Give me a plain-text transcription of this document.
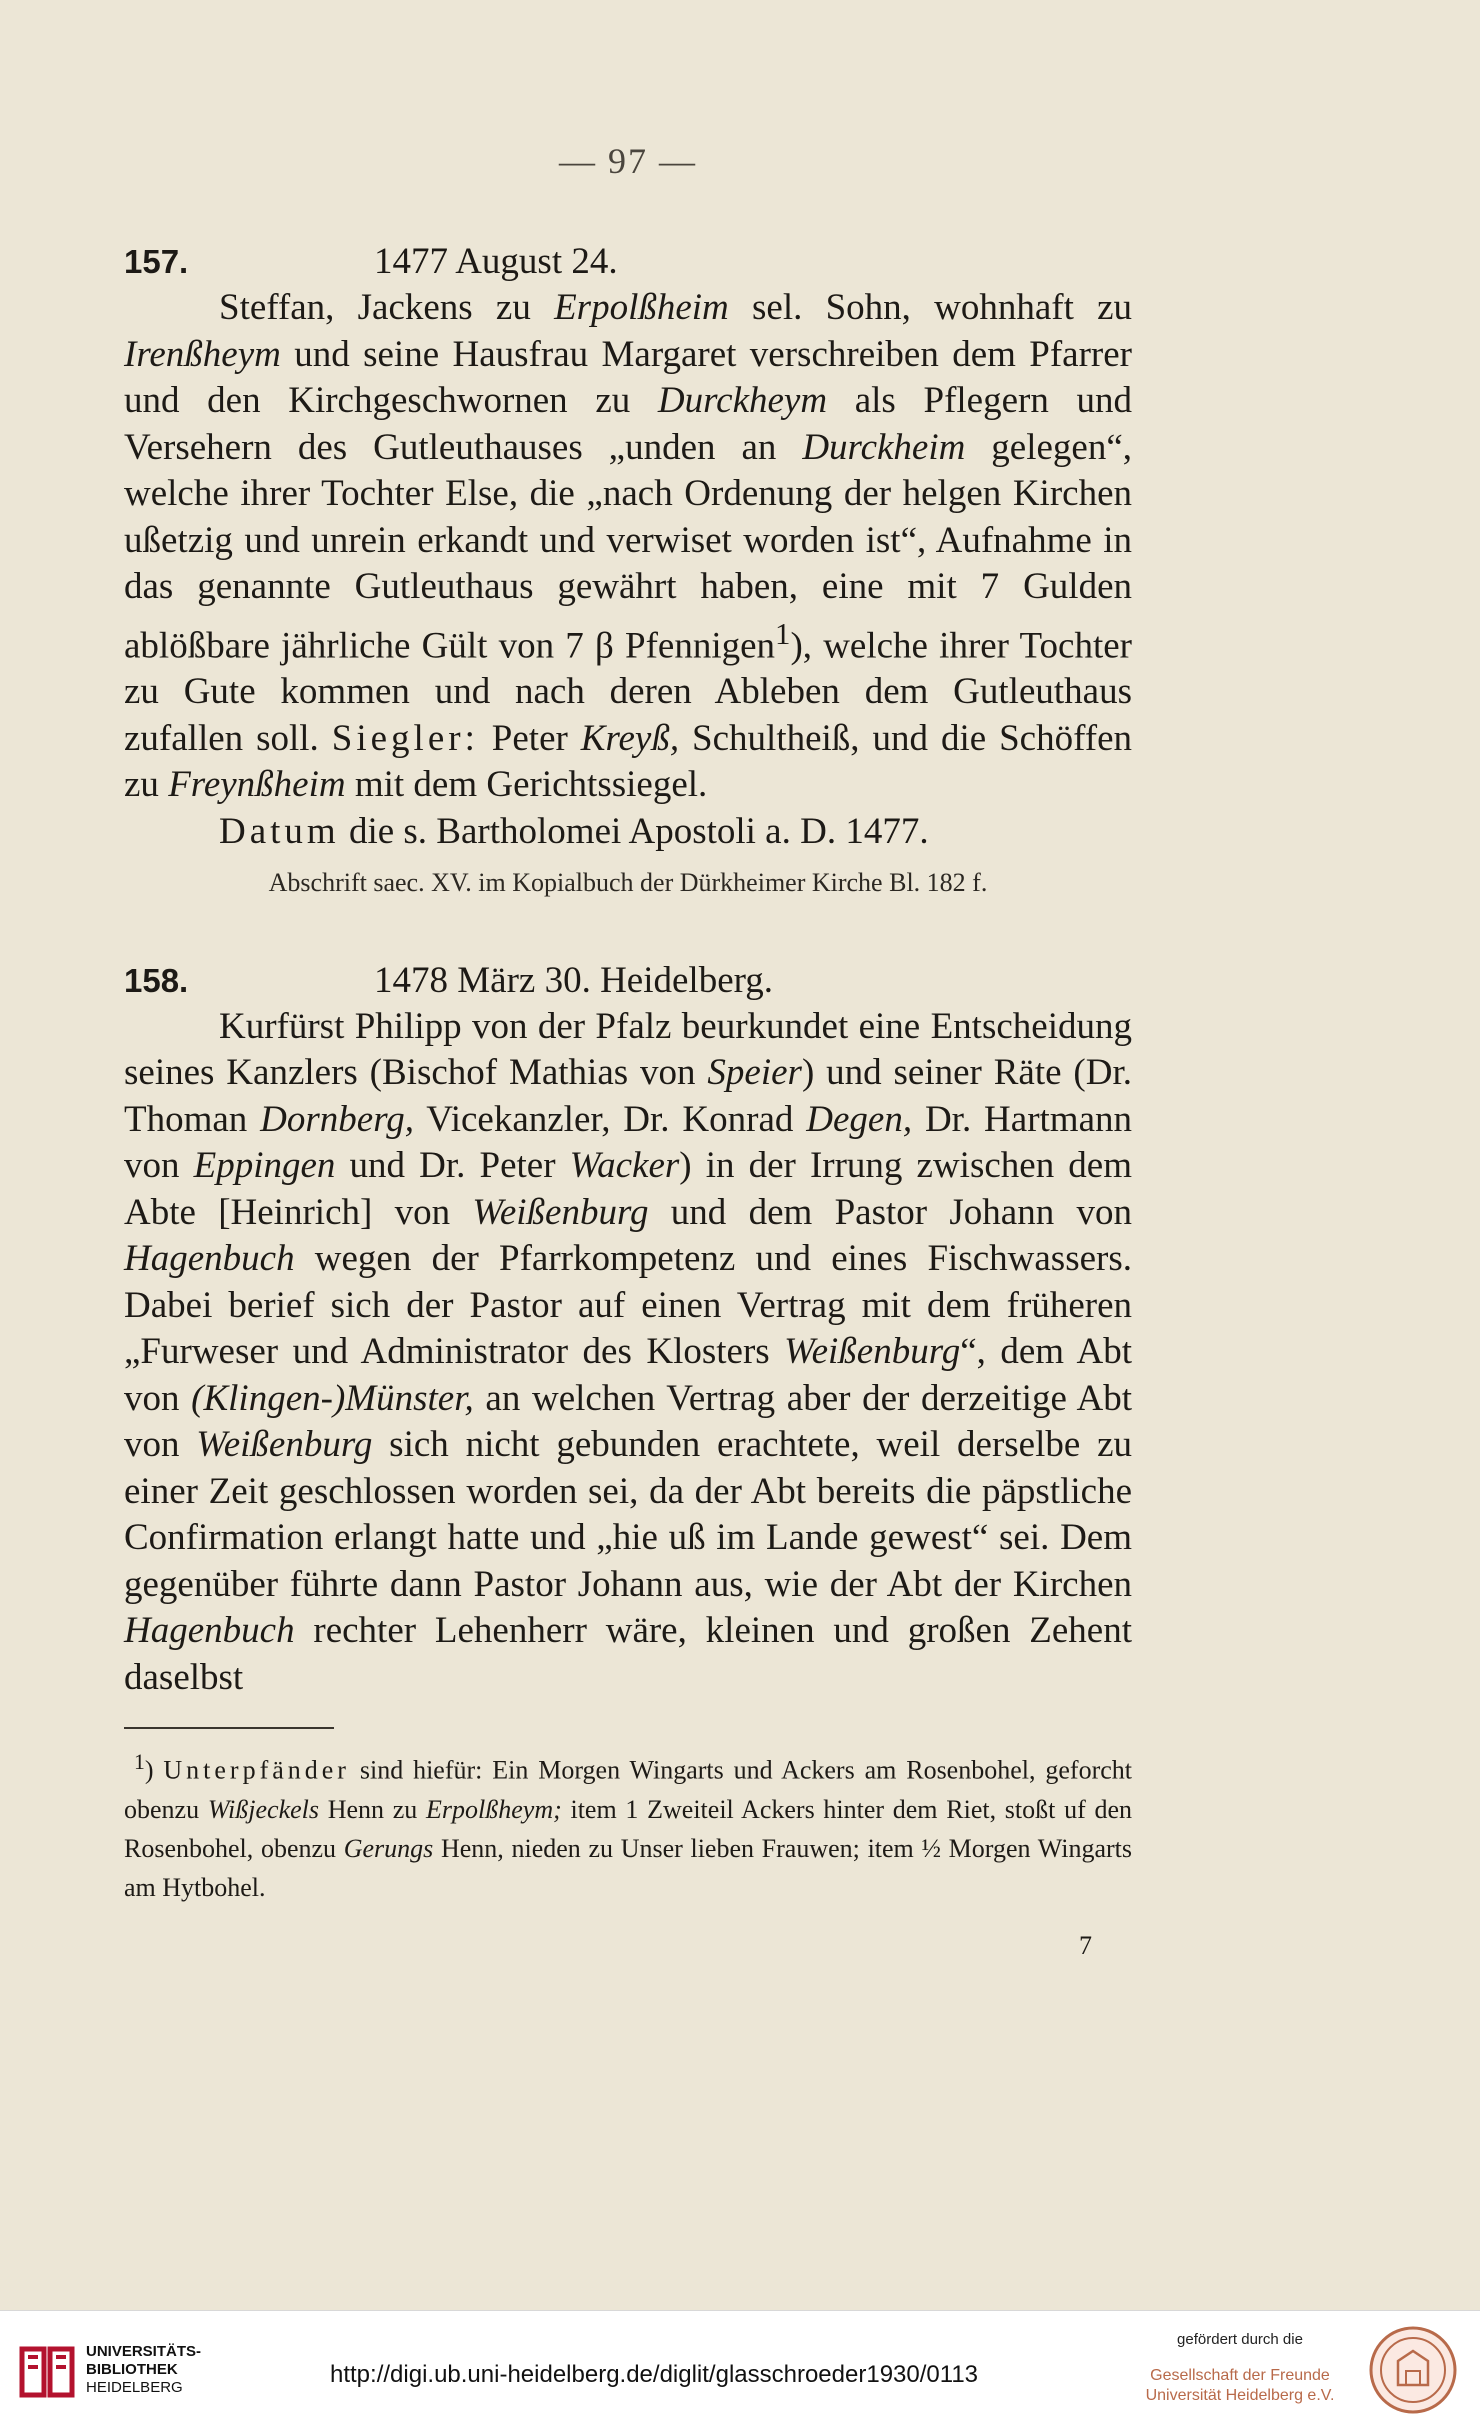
— 97 —
157.	1477 August 24.

Steffan, Jackens zu Erpolßheim sel. Sohn, wohnhaft zu Irenßheym und seine Hausfrau Margaret verschreiben dem Pfarrer und den Kirchgeschwornen zu Durckheym als Pflegern und Versehern des Gutleuthauses „unden an Durckheim gelegen“, welche ihrer Tochter Else, die „nach Ordenung der helgen Kirchen ußetzig und unrein erkandt und verwiset worden ist“, Aufnahme in das genannte Gutleuthaus gewährt haben, eine mit 7 Gulden ablößbare jährliche Gült von 7 β Pfennigen$^1$), welche ihrer Tochter zu Gute kommen und nach deren Ableben dem Gutleuthaus zufallen soll. Siegler: Peter Kreyß, Schultheiß, und die Schöffen zu Freynßheim mit dem Gerichtssiegel.

Datum die s. Bartholomei Apostoli a. D. 1477.

Abschrift saec. XV. im Kopialbuch der Dürkheimer Kirche Bl. 182 f.
158.	1478 März 30. Heidelberg.

Kurfürst Philipp von der Pfalz beurkundet eine Entscheidung seines Kanzlers (Bischof Mathias von Speier) und seiner Räte (Dr. Thoman Dornberg, Vicekanzler, Dr. Konrad Degen, Dr. Hartmann von Eppingen und Dr. Peter Wacker) in der Irrung zwischen dem Abte [Heinrich] von Weißenburg und dem Pastor Johann von Hagenbuch wegen der Pfarrkompetenz und eines Fischwassers. Dabei berief sich der Pastor auf einen Vertrag mit dem früheren „Furweser und Administrator des Klosters Weißenburg“, dem Abt von (Klingen-)Münster, an welchen Vertrag aber der derzeitige Abt von Weißenburg sich nicht gebunden erachtete, weil derselbe zu einer Zeit geschlossen worden sei, da der Abt bereits die päpstliche Confirmation erlangt hatte und „hie uß im Lande gewest“ sei. Dem gegenüber führte dann Pastor Johann aus, wie der Abt der Kirchen Hagenbuch rechter Lehenherr wäre, kleinen und großen Zehent daselbst

$^1$) Unterpfänder sind hiefür: Ein Morgen Wingarts und Ackers am Rosenbohel, geforcht obenzu Wißjeckels Henn zu Erpolßheym; item 1 Zweiteil Ackers hinter dem Riet, stoßt uf den Rosenbohel, obenzu Gerungs Henn, nieden zu Unser lieben Frauwen; item ½ Morgen Wingarts am Hytbohel.

7
UNIVERSITÄTS-
BIBLIOTHEK
HEIDELBERG	http://digi.ub.uni-heidelberg.de/diglit/glasschroeder1930/0113
gefördert durch die
Gesellschaft der Freunde
Universität Heidelberg e.V.
